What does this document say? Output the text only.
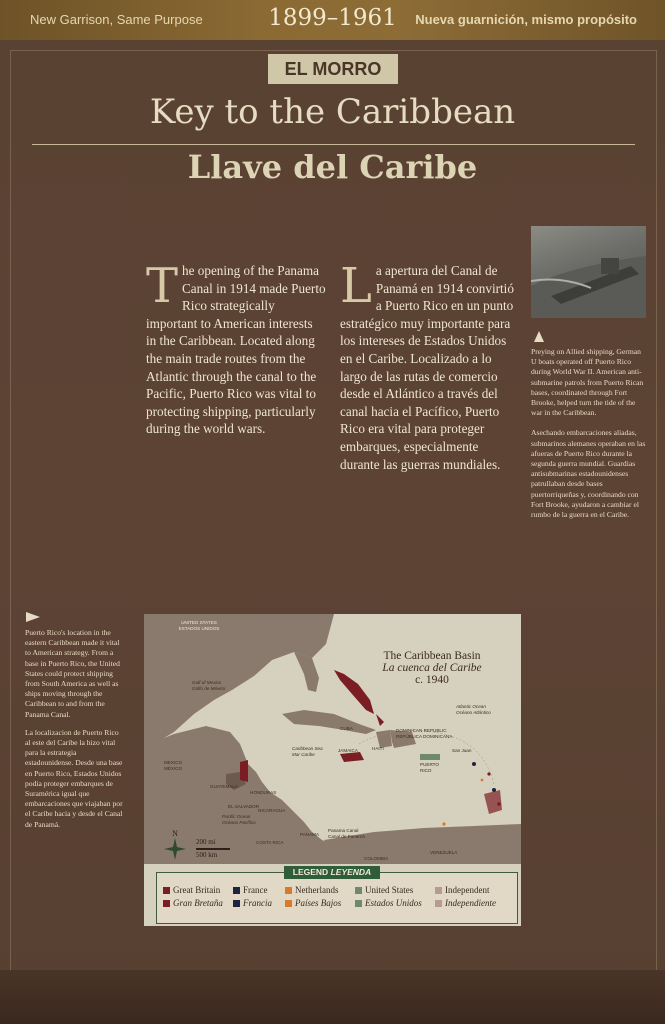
New Garrison, Same Purpose	1899–1961	Nueva guarnición, mismo propósito
EL MORRO
Key to the Caribbean
Llave del Caribe
The opening of the Panama Canal in 1914 made Puerto Rico strategically important to American interests in the Caribbean. Located along the main trade routes from the Atlantic through the canal to the Pacific, Puerto Rico was vital to protecting shipping, particularly during the world wars.
La apertura del Canal de Panamá en 1914 convirtió a Puerto Rico en un punto estratégico muy importante para los intereses de Estados Unidos en el Caribe. Localizado a lo largo de las rutas de comercio desde el Atlántico a través del canal hacia el Pacífico, Puerto Rico era vital para proteger embarques, especialmente durante las guerras mundiales.
Preying on Allied shipping, German U boats operated off Puerto Rico during World War II. American anti-submarine patrols from Puerto Rican bases, coordinated through Fort Brooke, helped turn the tide of the war in the Caribbean.
Asechando embarcaciones aliadas, submarinos alemanes operaban en las afueras de Puerto Rico durante la segunda guerra mundial. Guardias antisubmarinas estadounidenses patrullaban desde bases puertorriqueñas y, coordinando con Fort Brooke, ayudaron a cambiar el rumbo de la guerra en el Caribe.
Puerto Rico's location in the eastern Caribbean made it vital to American strategy. From a base in Puerto Rico, the United States could protect shipping from South America as well as ships moving through the Caribbean to and from the Panama Canal.
La localizacion de Puerto Rico al este del Caribe la hizo vital para la estrategia estadounidense. Desde una base en Puerto Rico, Estados Unidos podia proteger embarques de Suramérica igual que embarcaciones que viajaban por el Caribe hacia y desde el Canal de Panamá.
The Caribbean Basin
La cuenca del Caribe
c. 1940
UNITED STATES
ESTADOS UNIDOS
Gulf of Mexico
Golfo de México
Atlantic Ocean
Océano Atlántico
Caribbean Sea
Mar Caribe
Pacific Ocean
Océano Pacífico
MEXICO
MÉXICO
CUBA
JAMAICA	HAITI
DOMINICAN REPUBLIC
REPÚBLICA DOMINICANA
San Juan
PUERTO
RICO
GUATEMALA
HONDURAS
EL SALVADOR
NICARAGUA
COSTA RICA
PANAMA
Panama Canal
Canal de Panamá
COLOMBIA
VENEZUELA
N
200 mi
500 km
Great Britain
Gran Bretaña
France
Francia
Netherlands
Países Bajos
United States
Estados Unidos
Independent
Independiente
LEGEND LEYENDA
